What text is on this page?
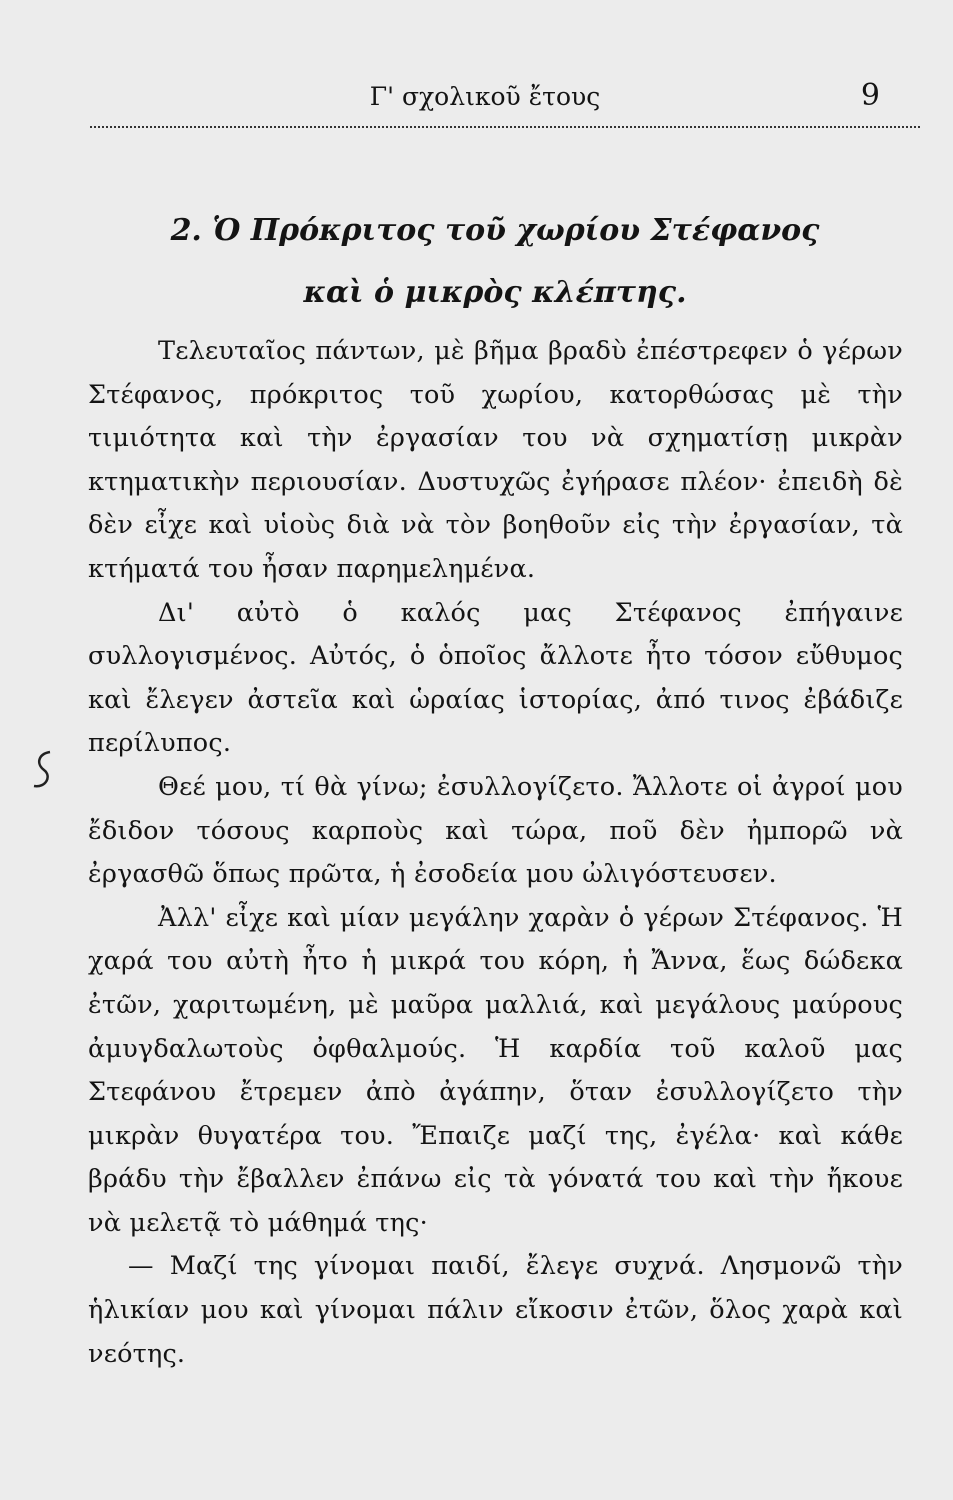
Γ' σχολικοῦ ἔτους	9
2. Ὁ Πρόκριτος τοῦ χωρίου Στέφανος
καὶ ὁ μικρὸς κλέπτης.

Τελευταῖος πάντων, μὲ βῆμα βραδὺ ἐπέστρεφεν ὁ γέρων Στέφανος, πρόκριτος τοῦ χωρίου, κατορθώσας μὲ τὴν τιμιότητα καὶ τὴν ἐργασίαν του νὰ σχηματίσῃ μικρὰν κτηματικὴν περιουσίαν. Δυστυχῶς ἐγήρασε πλέον· ἐπειδὴ δὲ δὲν εἶχε καὶ υἱοὺς διὰ νὰ τὸν βοηθοῦν εἰς τὴν ἐργασίαν, τὰ κτήματά του ἦσαν παρημελημένα.

Δι' αὐτὸ ὁ καλός μας Στέφανος ἐπήγαινε συλλογισμένος. Αὐτός, ὁ ὁποῖος ἄλλοτε ἦτο τόσον εὔθυμος καὶ ἔλεγεν ἀστεῖα καὶ ὡραίας ἱστορίας, ἀπό τινος ἐβάδιζε περίλυπος.

Θεέ μου, τί θὰ γίνω; ἐσυλλογίζετο. Ἄλλοτε οἱ ἀγροί μου ἔδιδον τόσους καρποὺς καὶ τώρα, ποῦ δὲν ἠμπορῶ νὰ ἐργασθῶ ὅπως πρῶτα, ἡ ἐσοδεία μου ὠλιγόστευσεν.

Ἀλλ' εἶχε καὶ μίαν μεγάλην χαρὰν ὁ γέρων Στέφανος. Ἡ χαρά του αὐτὴ ἦτο ἡ μικρά του κόρη, ἡ Ἄννα, ἕως δώδεκα ἐτῶν, χαριτωμένη, μὲ μαῦρα μαλλιά, καὶ μεγάλους μαύρους ἀμυγδαλωτοὺς ὀφθαλμούς. Ἡ καρδία τοῦ καλοῦ μας Στεφάνου ἔτρεμεν ἀπὸ ἀγάπην, ὅταν ἐσυλλογίζετο τὴν μικρὰν θυγατέρα του. Ἔπαιζε μαζί της, ἐγέλα· καὶ κάθε βράδυ τὴν ἔβαλλεν ἐπάνω εἰς τὰ γόνατά του καὶ τὴν ἤκουε νὰ μελετᾷ τὸ μάθημά της·

— Μαζί της γίνομαι παιδί, ἔλεγε συχνά. Λησμονῶ τὴν ἡλικίαν μου καὶ γίνομαι πάλιν εἴκοσιν ἐτῶν, ὅλος χαρὰ καὶ νεότης.
